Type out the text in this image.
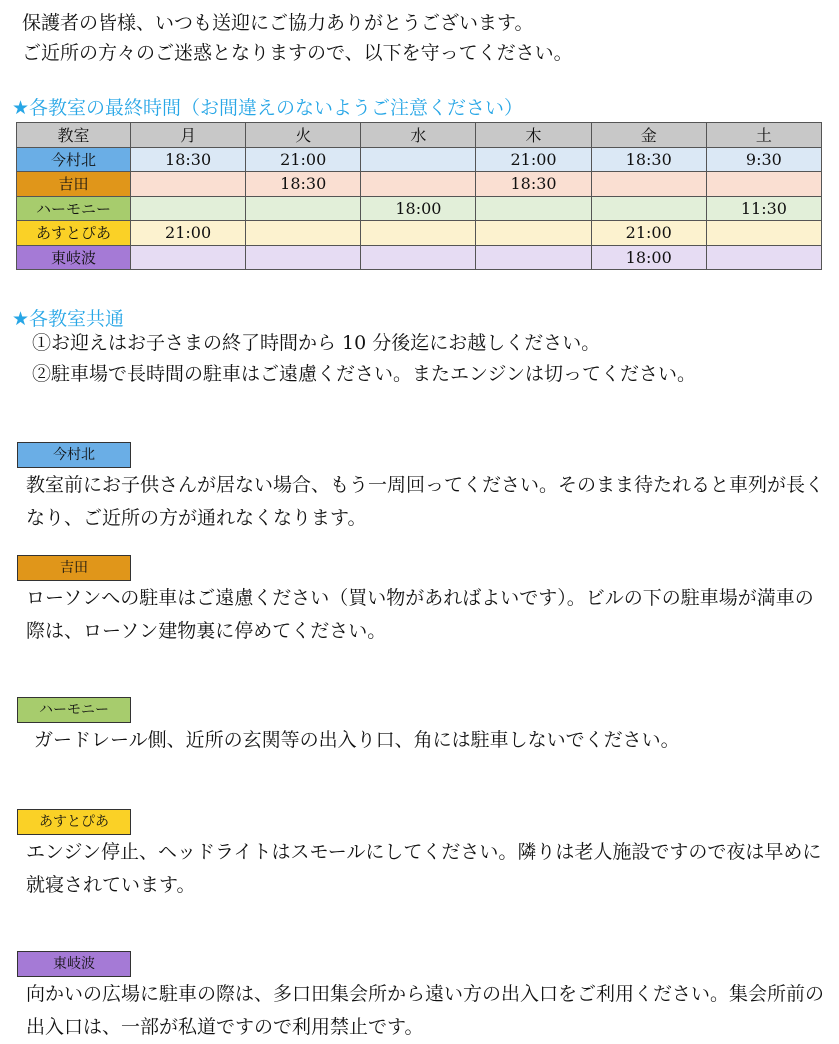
保護者の皆様、いつも送迎にご協力ありがとうございます。
ご近所の方々のご迷惑となりますので、以下を守ってください。
★各教室の最終時間（お間違えのないようご注意ください）
教室	月	火	水	木	金	土
今村北	18:30	21:00		21:00	18:30	9:30
吉田		18:30		18:30		
ハーモニー			18:00			11:30
あすとぴあ	21:00				21:00	
東岐波					18:00	
★各教室共通
①お迎えはお子さまの終了時間から 10 分後迄にお越しください。
②駐車場で長時間の駐車はご遠慮ください。またエンジンは切ってください。
今村北
教室前にお子供さんが居ない場合、もう一周回ってください。そのまま待たれると車列が長くなり、ご近所の方が通れなくなります。
吉田
ローソンへの駐車はご遠慮ください（買い物があればよいです）。ビルの下の駐車場が満車の際は、ローソン建物裏に停めてください。
ハーモニー
ガードレール側、近所の玄関等の出入り口、角には駐車しないでください。
あすとぴあ
エンジン停止、ヘッドライトはスモールにしてください。隣りは老人施設ですので夜は早めに就寝されています。
東岐波
向かいの広場に駐車の際は、多口田集会所から遠い方の出入口をご利用ください。集会所前の出入口は、一部が私道ですので利用禁止です。
